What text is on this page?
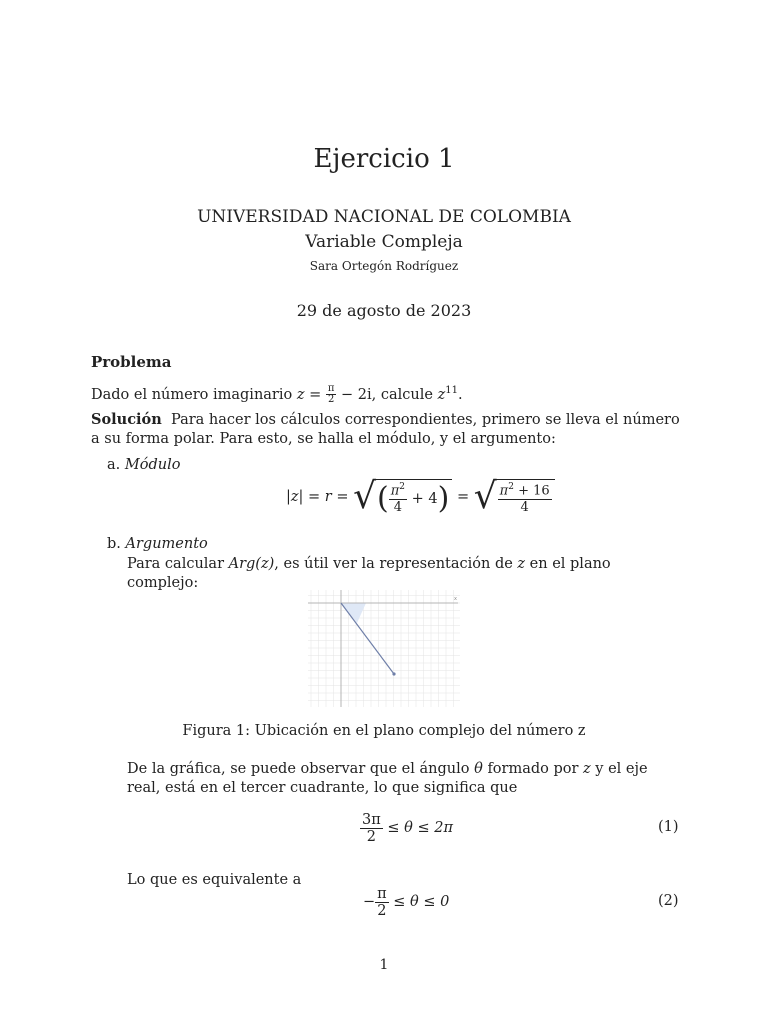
Ejercicio 1
UNIVERSIDAD NACIONAL DE COLOMBIA
Variable Compleja
Sara Ortegón Rodríguez
29 de agosto de 2023
Problema
Dado el número imaginario $z = \frac{\pi}{2} - 2i$, calcule $z^{11}$.
Solución Para hacer los cálculos correspondientes, primero se lleva el número a su forma polar. Para esto, se halla el módulo, y el argumento:
a. Módulo
|z| = r =
√ ( $\frac{\pi^2}{4}$
+ 4 )
=
√ $\frac{\pi^2 + 16}{4}$
b. Argumento
Para calcular Arg(z), es útil ver la representación de z en el plano complejo:
x
Figura 1: Ubicación en el plano complejo del número z
De la gráfica, se puede observar que el ángulo θ formado por z y el eje real, está en el tercer cuadrante, lo que significa que
$\frac{3\pi}{2}$
≤ θ ≤ 2π	(1)
Lo que es equivalente a
− $\frac{\pi}{2}$
≤ θ ≤ 0	(2)
1
